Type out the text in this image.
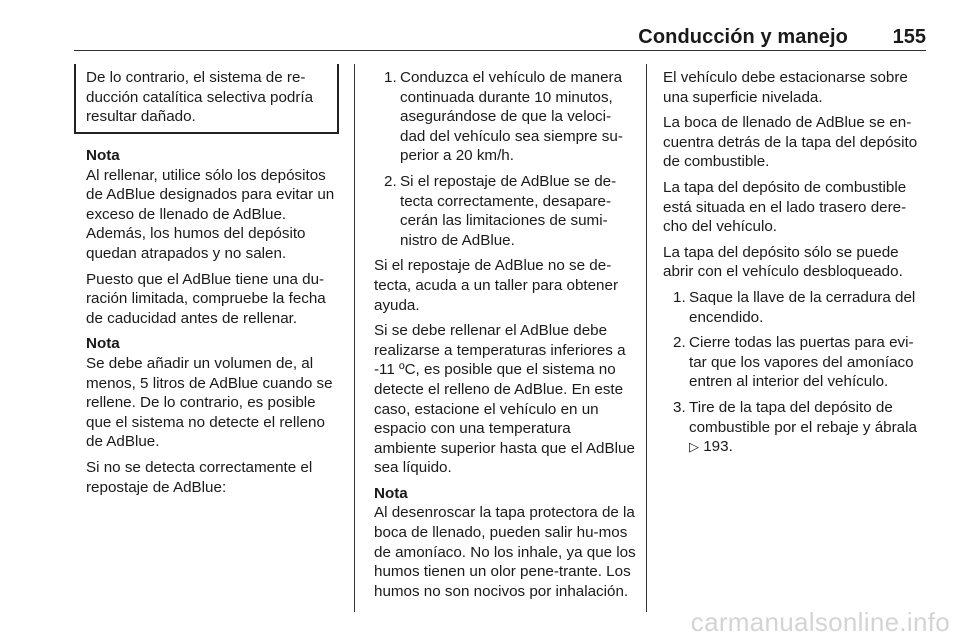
Conducción y manejo 155
De lo contrario, el sistema de re-ducción catalítica selectiva podría resultar dañado.

Nota
Al rellenar, utilice sólo los depósitos de AdBlue designados para evitar un exceso de llenado de AdBlue. Además, los humos del depósito quedan atrapados y no salen.

Puesto que el AdBlue tiene una du-ración limitada, compruebe la fecha de caducidad antes de rellenar.

Nota
Se debe añadir un volumen de, al menos, 5 litros de AdBlue cuando se rellene. De lo contrario, es posible que el sistema no detecte el relleno de AdBlue.

Si no se detecta correctamente el repostaje de AdBlue:

1. Conduzca el vehículo de manera continuada durante 10 minutos, asegurándose de que la veloci-dad del vehículo sea siempre su-perior a 20 km/h.
2. Si el repostaje de AdBlue se de-tecta correctamente, desapare-cerán las limitaciones de sumi-nistro de AdBlue.

Si el repostaje de AdBlue no se de-tecta, acuda a un taller para obtener ayuda.

Si se debe rellenar el AdBlue debe realizarse a temperaturas inferiores a -11 ºC, es posible que el sistema no detecte el relleno de AdBlue. En este caso, estacione el vehículo en un espacio con una temperatura ambiente superior hasta que el AdBlue sea líquido.

Nota
Al desenroscar la tapa protectora de la boca de llenado, pueden salir hu-mos de amoníaco. No los inhale, ya que los humos tienen un olor pene-trante. Los humos no son nocivos por inhalación.

El vehículo debe estacionarse sobre una superficie nivelada.

La boca de llenado de AdBlue se en-cuentra detrás de la tapa del depósito de combustible.

La tapa del depósito de combustible está situada en el lado trasero dere-cho del vehículo.

La tapa del depósito sólo se puede abrir con el vehículo desbloqueado.

1. Saque la llave de la cerradura del encendido.
2. Cierre todas las puertas para evi-tar que los vapores del amoníaco entren al interior del vehículo.
3. Tire de la tapa del depósito de combustible por el rebaje y ábrala
▷ 193.
carmanualsonline.info
